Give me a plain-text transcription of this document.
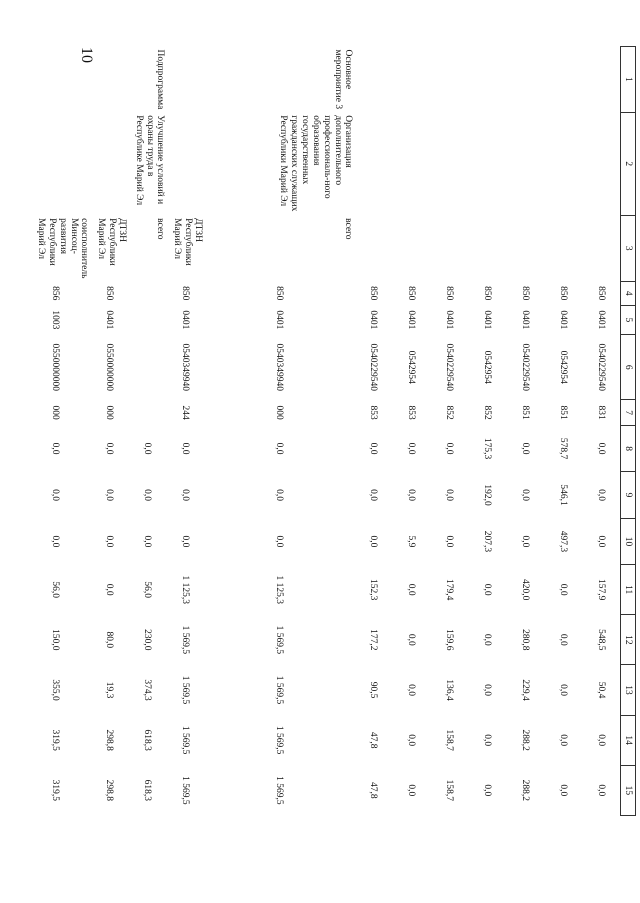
10
1	2	3	4	5	6	7	8	9	10	11	12	13	14	15
			850	0401	0540229540	831	0,0	0,0	0,0	157,9	548,5	50,4	0,0	0,0
			850	0401	0542954	851	578,7	546,1	497,3	0,0	0,0	0,0	0,0	0,0
			850	0401	0540229540	851	0,0	0,0	0,0	420,0	280,8	229,4	288,2	288,2
			850	0401	0542954	852	175,3	192,0	207,3	0,0	0,0	0,0	0,0	0,0
			850	0401	0540229540	852	0,0	0,0	0,0	179,4	159,6	136,4	158,7	158,7
			850	0401	0542954	853	0,0	0,0	5,9	0,0	0,0	0,0	0,0	0,0
			850	0401	0540229540	853	0,0	0,0	0,0	152,3	177,2	90,5	47,8	47,8
Основное мероприятие 3	Организация дополнительного профессиональ-ного образования государственных гражданских служащих Республики Марий Эл	всего	850	0401	0540349940	000	0,0	0,0	0,0	1 125,3	1 569,5	1 569,5	1 569,5	1 569,5
		ДТЗН Республики Марий Эл	850	0401	0540349940	244	0,0	0,0	0,0	1 125,3	1 569,5	1 569,5	1 569,5	1 569,5
Подпрограмма	Улучшение условий и охраны труда в Республике Марий Эл	всего					0,0	0,0	0,0	56,0	230,0	374,3	618,3	618,3
		ДТЗН Республики Марий Эл	850	0401	0550000000	000	0,0	0,0	0,0	0,0	80,0	19,3	298,8	298,8
		соисполнитель Минсоц-развития Республики Марий Эл	856	1003	0550000000	000	0,0	0,0	0,0	56,0	150,0	355,0	319,5	319,5
